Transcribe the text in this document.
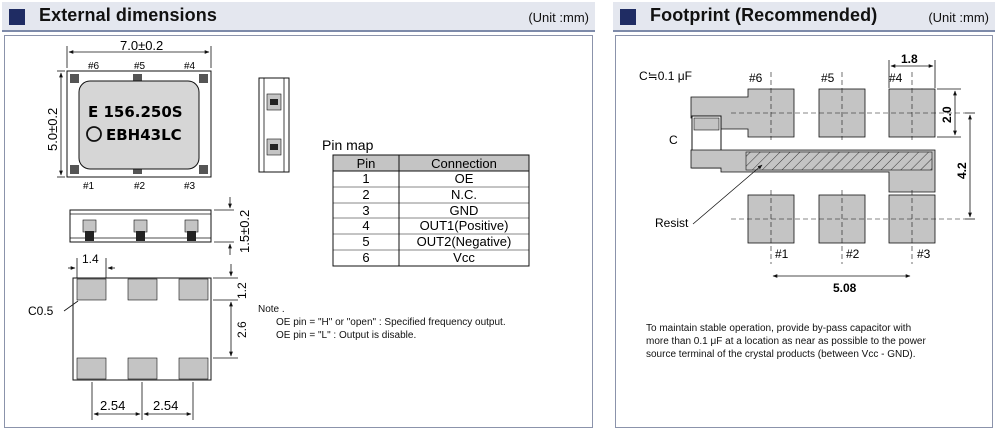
External dimensions	(Unit :mm)
E 156.250S
EBH43LC
#6	#5	#4
#1	#2	#3
7.0±0.2
5.0±0.2
1.5±0.2
1.4
1.2
2.6
C0.5
2.54 2.54
Pin map
Pin	Connection
1	OE
2	N.C.
3	GND
4	OUT1(Positive)
5	OUT2(Negative)
6	Vcc
Note .
OE pin = "H" or "open" : Specified frequency output.
OE pin = "L" : Output is disable.
Footprint (Recommended)	(Unit :mm)
C≒0.1 μF
C
#6	#5	#4
#1	#2	#3
1.8
2.0
4.2
5.08
Resist
To maintain stable operation, provide by-pass capacitor with
more than 0.1 μF at a location as near as possible to the power
source terminal of the crystal products (between Vcc - GND).
